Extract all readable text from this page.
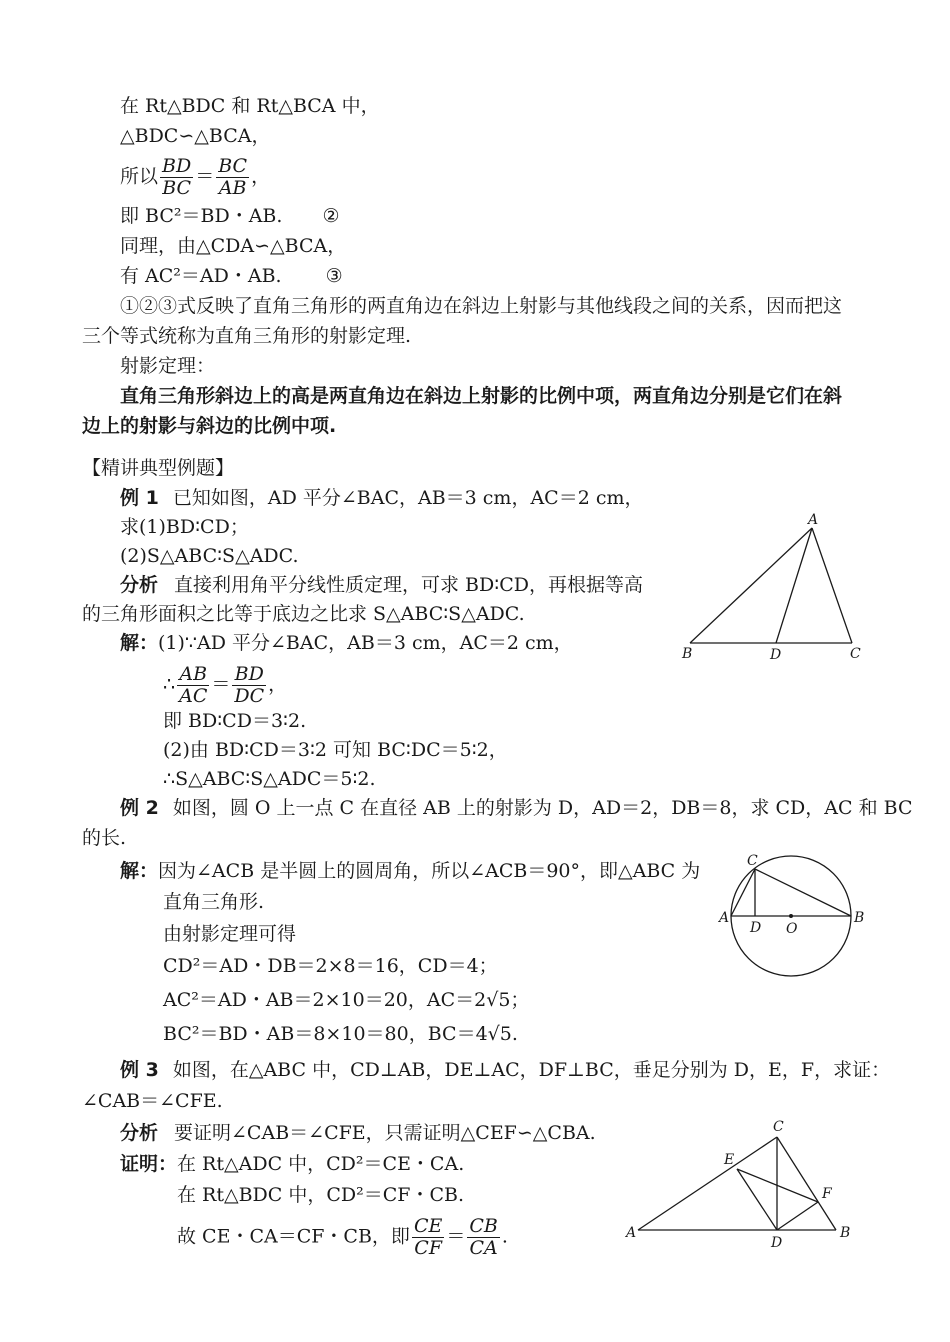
在 Rt△BDC 和 Rt△BCA 中，
△BDC∽△BCA，
所以 $\frac{BD}{BC} = \frac{BC}{AB}$ ，
即 BC²＝BD・AB. ②
同理，由△CDA∽△BCA，
有 AC²＝AD・AB. ③
①②③式反映了直角三角形的两直角边在斜边上射影与其他线段之间的关系，因而把这
三个等式统称为直角三角形的射影定理.
射影定理：
直角三角形斜边上的高是两直角边在斜边上射影的比例中项，两直角边分别是它们在斜
边上的射影与斜边的比例中项.
【精讲典型例题】
例 1 已知如图，AD 平分∠BAC，AB＝3 cm，AC＝2 cm，
求(1)BD∶CD；
(2)S△ABC∶S△ADC.
分析 直接利用角平分线性质定理，可求 BD∶CD，再根据等高
的三角形面积之比等于底边之比求 S△ABC∶S△ADC.
解：(1)∵AD 平分∠BAC，AB＝3 cm，AC＝2 cm，
∴ $\frac{AB}{AC} = \frac{BD}{DC}$ ，
即 BD∶CD＝3∶2.
(2)由 BD∶CD＝3∶2 可知 BC∶DC＝5∶2，
∴S△ABC∶S△ADC＝5∶2.
A
B	D	C
例 2 如图，圆 O 上一点 C 在直径 AB 上的射影为 D，AD＝2，DB＝8，求 CD，AC 和 BC
的长.
解：因为∠ACB 是半圆上的圆周角，所以∠ACB＝90°，即△ABC 为
直角三角形.
由射影定理可得
CD²＝AD・DB＝2×8＝16，CD＝4；
AC²＝AD・AB＝2×10＝20，AC＝2√5；
BC²＝BD・AB＝8×10＝80，BC＝4√5.
C
A
D O
B
例 3 如图，在△ABC 中，CD⊥AB，DE⊥AC，DF⊥BC，垂足分别为 D，E，F，求证：
∠CAB＝∠CFE.
分析 要证明∠CAB＝∠CFE，只需证明△CEF∽△CBA.
证明：在 Rt△ADC 中，CD²＝CE・CA.
在 Rt△BDC 中，CD²＝CF・CB.
故 CE・CA＝CF・CB，即 $\frac{CE}{CF} = \frac{CB}{CA}$ .
C
E
F
A
D
B
